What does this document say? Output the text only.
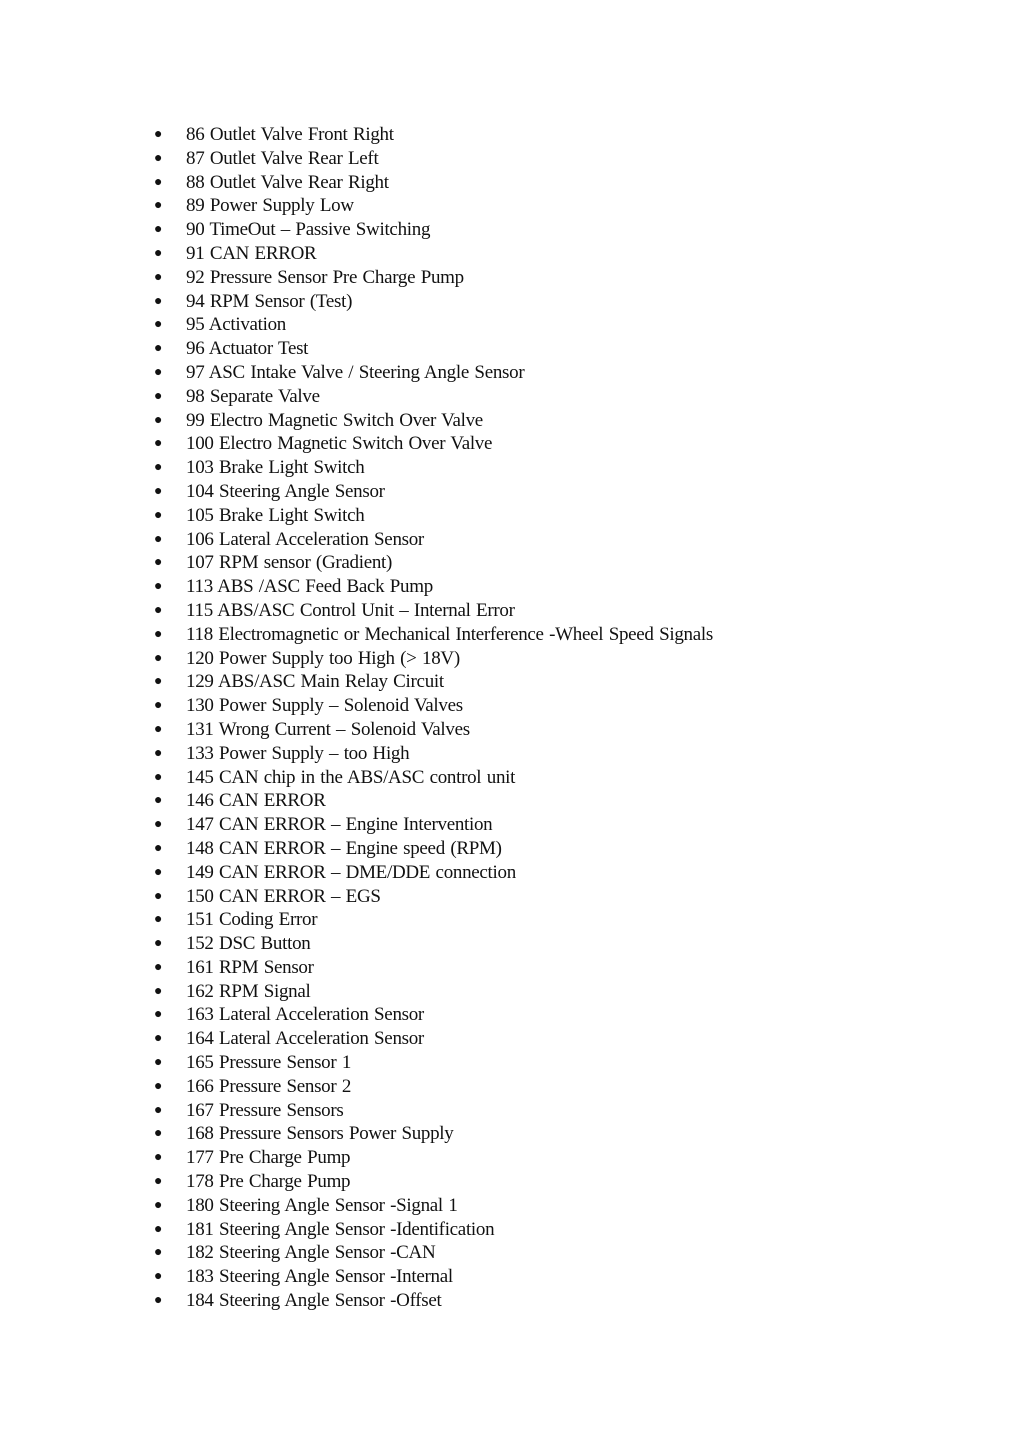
● 86 Outlet Valve Front Right
● 87 Outlet Valve Rear Left
● 88 Outlet Valve Rear Right
● 89 Power Supply Low
● 90 TimeOut – Passive Switching
● 91 CAN ERROR
● 92 Pressure Sensor Pre Charge Pump
● 94 RPM Sensor (Test)
● 95 Activation
● 96 Actuator Test
● 97 ASC Intake Valve / Steering Angle Sensor
● 98 Separate Valve
● 99 Electro Magnetic Switch Over Valve
● 100 Electro Magnetic Switch Over Valve
● 103 Brake Light Switch
● 104 Steering Angle Sensor
● 105 Brake Light Switch
● 106 Lateral Acceleration Sensor
● 107 RPM sensor (Gradient)
● 113 ABS /ASC Feed Back Pump
● 115 ABS/ASC Control Unit – Internal Error
● 118 Electromagnetic or Mechanical Interference -Wheel Speed Signals
● 120 Power Supply too High (> 18V)
● 129 ABS/ASC Main Relay Circuit
● 130 Power Supply – Solenoid Valves
● 131 Wrong Current – Solenoid Valves
● 133 Power Supply – too High
● 145 CAN chip in the ABS/ASC control unit
● 146 CAN ERROR
● 147 CAN ERROR – Engine Intervention
● 148 CAN ERROR – Engine speed (RPM)
● 149 CAN ERROR – DME/DDE connection
● 150 CAN ERROR – EGS
● 151 Coding Error
● 152 DSC Button
● 161 RPM Sensor
● 162 RPM Signal
● 163 Lateral Acceleration Sensor
● 164 Lateral Acceleration Sensor
● 165 Pressure Sensor 1
● 166 Pressure Sensor 2
● 167 Pressure Sensors
● 168 Pressure Sensors Power Supply
● 177 Pre Charge Pump
● 178 Pre Charge Pump
● 180 Steering Angle Sensor -Signal 1
● 181 Steering Angle Sensor -Identification
● 182 Steering Angle Sensor -CAN
● 183 Steering Angle Sensor -Internal
● 184 Steering Angle Sensor -Offset
